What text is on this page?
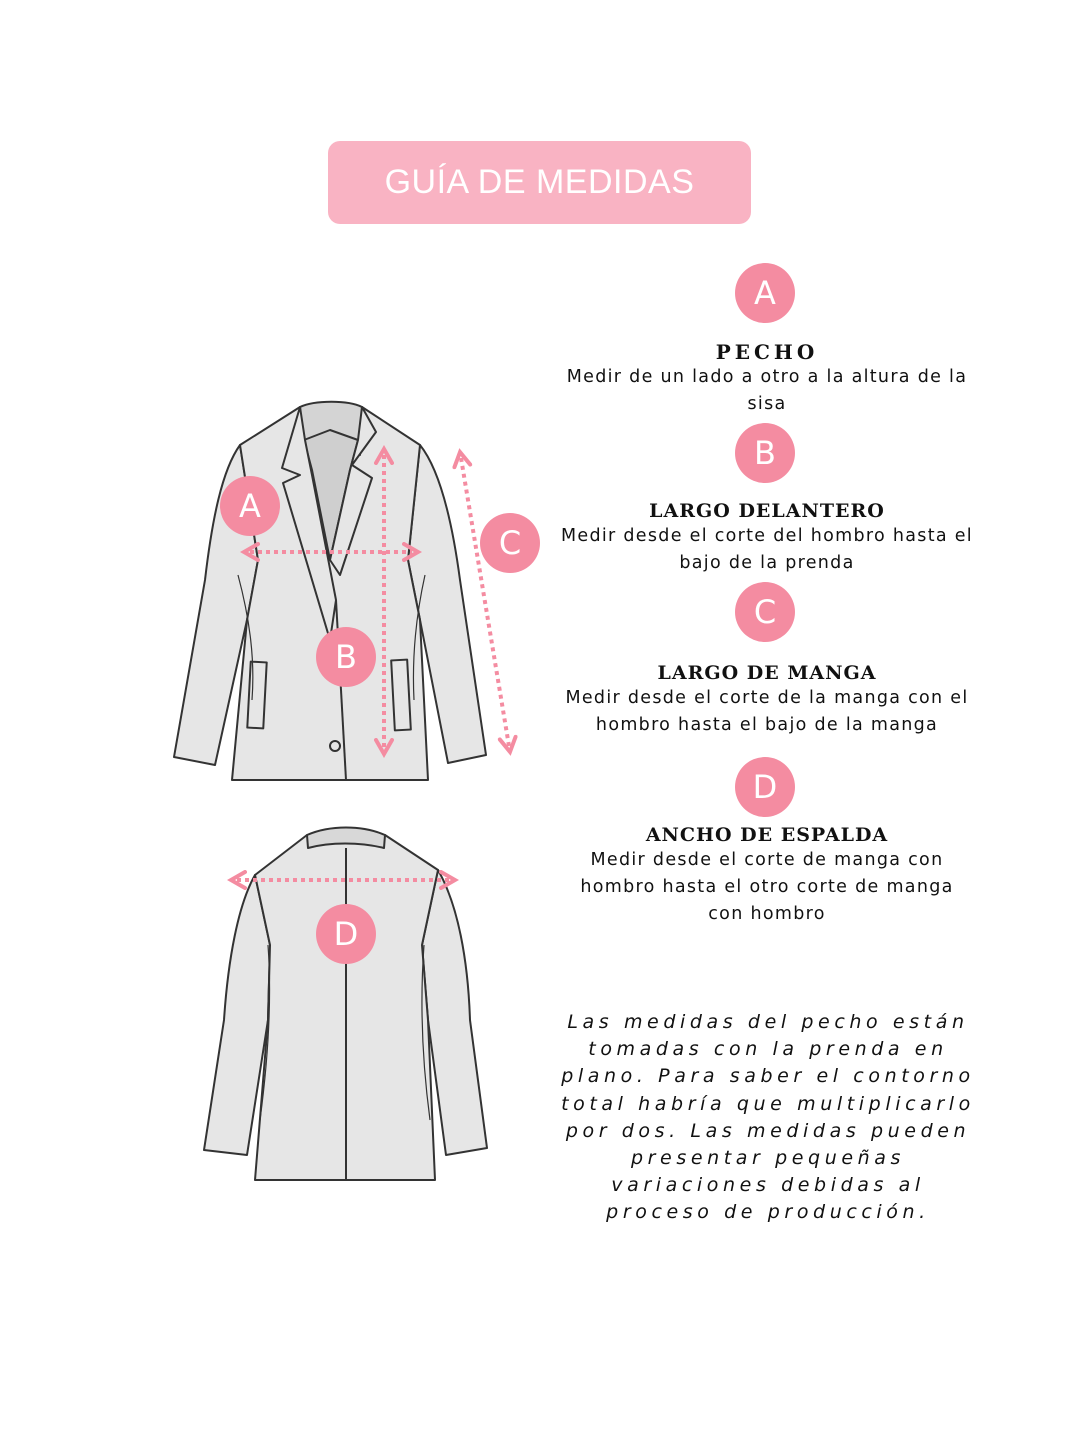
GUÍA DE MEDIDAS
A
B
C
D
A
PECHO
Medir de un lado a otro a la altura de la sisa
B
LARGO DELANTERO
Medir desde el corte del hombro hasta el bajo de la prenda
C
LARGO DE MANGA
Medir desde el corte de la manga con el hombro hasta el bajo de la manga
D
ANCHO DE ESPALDA
Medir desde el corte de manga con hombro hasta el otro corte de manga con hombro
Las medidas del pecho están tomadas con la prenda en plano. Para saber el contorno total habría que multiplicarlo por dos. Las medidas pueden presentar pequeñas variaciones debidas al proceso de producción.
